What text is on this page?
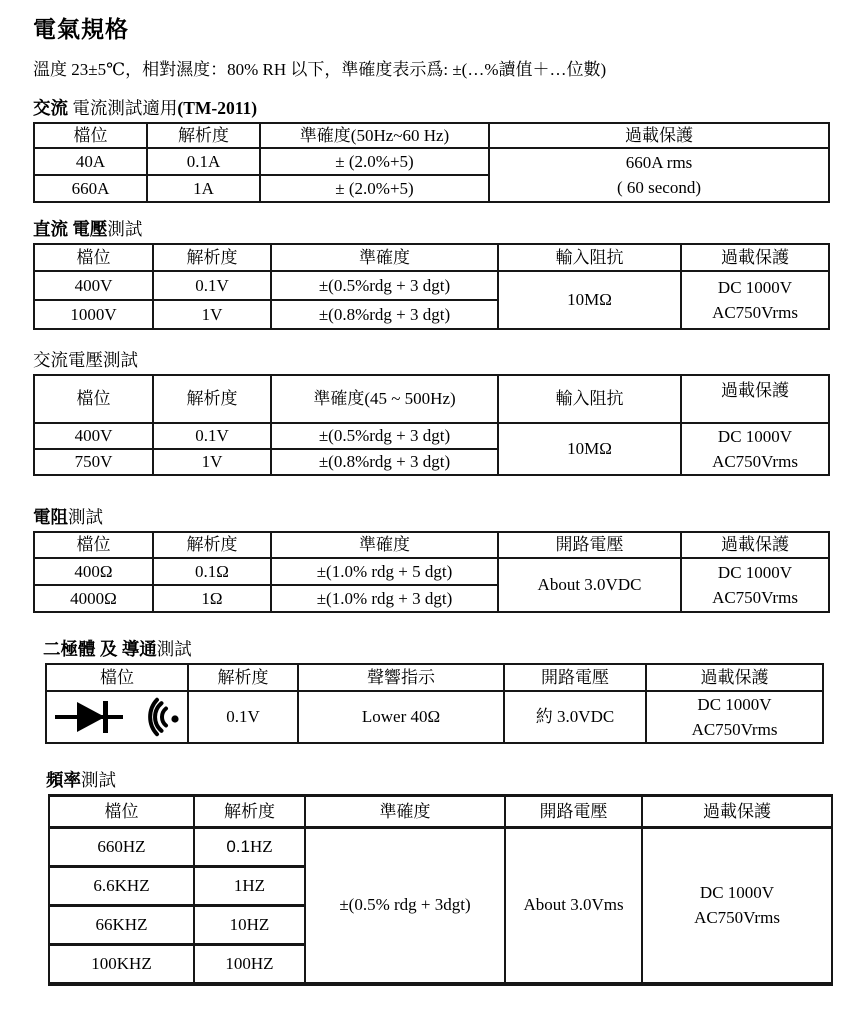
電氣規格

溫度 23±5℃，相對濕度：80% RH 以下，準確度表示爲: ±(…%讀值＋…位數)

交流 電流測試適用(TM-2011)

檔位	解析度	準確度(50Hz~60 Hz)	過載保護
40A	0.1A	± (2.0%+5)	660A rms
( 60 second)

660A	1A	± (2.0%+5)	

直流 電壓測試

檔位	解析度	準確度	輸入阻抗	過載保護
400V	0.1V	±(0.5%rdg + 3 dgt)	10MΩ	DC 1000V
AC750Vrms

1000V	1V	±(0.8%rdg + 3 dgt)		

交流電壓測試

檔位	解析度	準確度(45 ~ 500Hz)	輸入阻抗	過載保護
400V	0.1V	±(0.5%rdg + 3 dgt)	10MΩ	DC 1000V
AC750Vrms

750V	1V	±(0.8%rdg + 3 dgt)		

電阻測試

檔位	解析度	準確度	開路電壓	過載保護
400Ω	0.1Ω	±(1.0% rdg + 5 dgt)	About 3.0VDC	DC 1000V
AC750Vrms

4000Ω	1Ω	±(1.0% rdg + 3 dgt)		

二極體 及 導通測試

檔位	解析度	聲響指示	開路電壓	過載保護
	0.1V	Lower 40Ω	約 3.0VDC	DC 1000V
AC750Vrms

頻率測試

檔位	解析度	準確度	開路電壓	過載保護
660HZ	0.1HZ	±(0.5% rdg + 3dgt)	About 3.0Vms	DC 1000V
AC750Vrms

6.6KHZ	1HZ			
66KHZ	10HZ			
100KHZ	100HZ			
